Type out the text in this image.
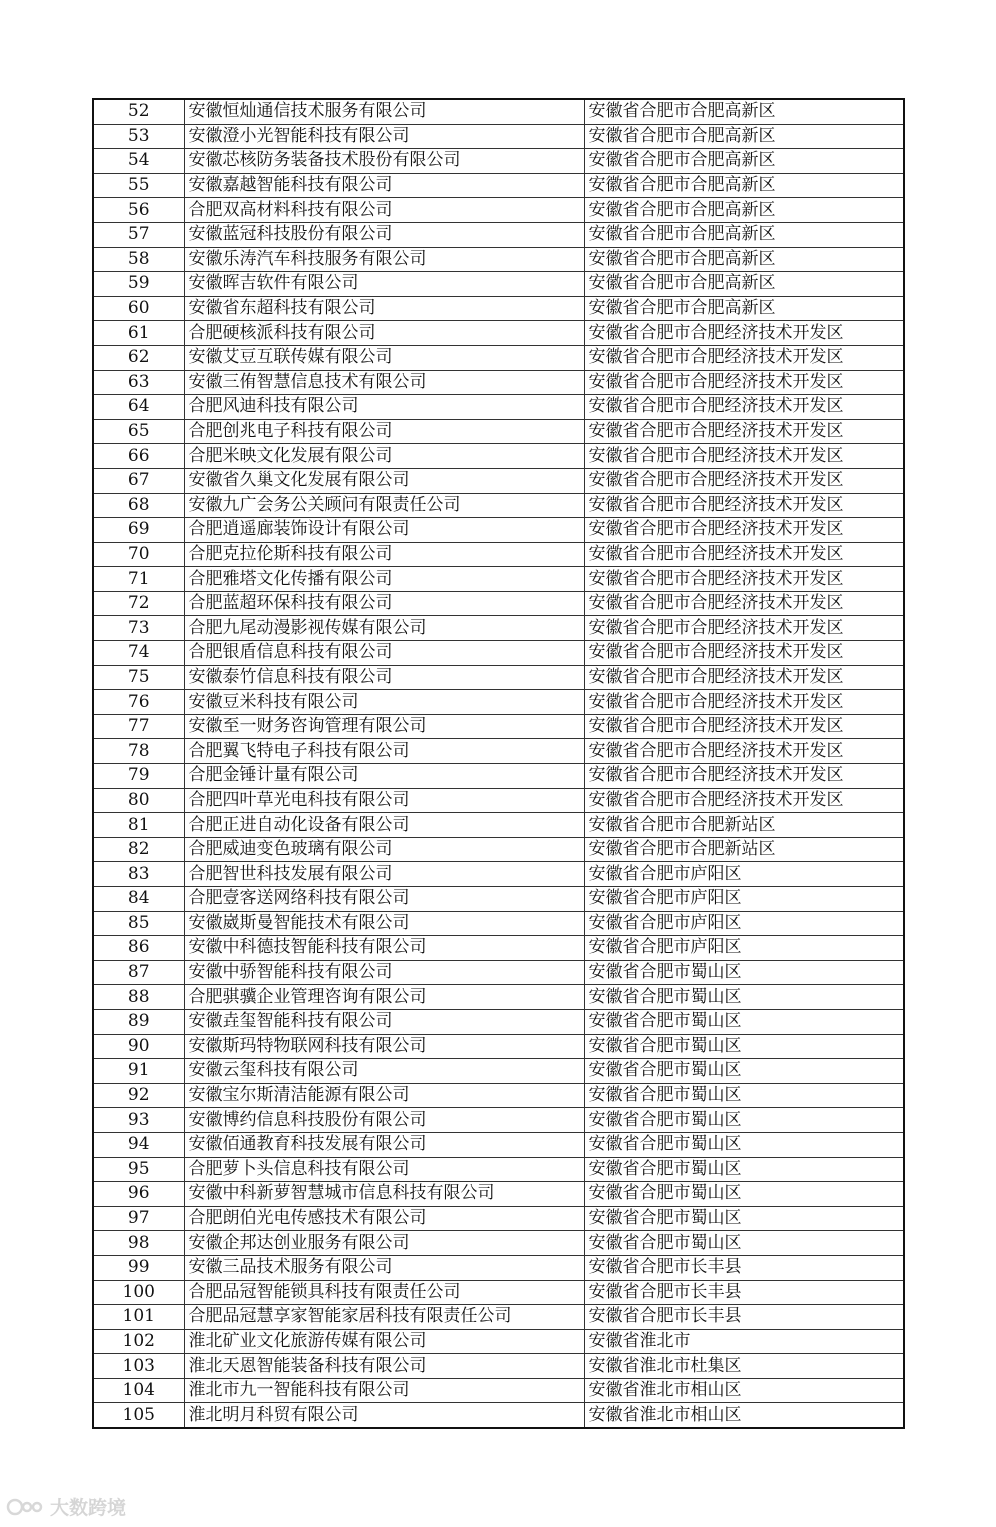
52	安徽恒灿通信技术服务有限公司	安徽省合肥市合肥高新区
53	安徽澄小光智能科技有限公司	安徽省合肥市合肥高新区
54	安徽芯核防务装备技术股份有限公司	安徽省合肥市合肥高新区
55	安徽嘉越智能科技有限公司	安徽省合肥市合肥高新区
56	合肥双高材料科技有限公司	安徽省合肥市合肥高新区
57	安徽蓝冠科技股份有限公司	安徽省合肥市合肥高新区
58	安徽乐涛汽车科技服务有限公司	安徽省合肥市合肥高新区
59	安徽晖吉软件有限公司	安徽省合肥市合肥高新区
60	安徽省东超科技有限公司	安徽省合肥市合肥高新区
61	合肥硬核派科技有限公司	安徽省合肥市合肥经济技术开发区
62	安徽艾豆互联传媒有限公司	安徽省合肥市合肥经济技术开发区
63	安徽三侑智慧信息技术有限公司	安徽省合肥市合肥经济技术开发区
64	合肥风迪科技有限公司	安徽省合肥市合肥经济技术开发区
65	合肥创兆电子科技有限公司	安徽省合肥市合肥经济技术开发区
66	合肥米映文化发展有限公司	安徽省合肥市合肥经济技术开发区
67	安徽省久巢文化发展有限公司	安徽省合肥市合肥经济技术开发区
68	安徽九广会务公关顾问有限责任公司	安徽省合肥市合肥经济技术开发区
69	合肥逍遥廊装饰设计有限公司	安徽省合肥市合肥经济技术开发区
70	合肥克拉伦斯科技有限公司	安徽省合肥市合肥经济技术开发区
71	合肥雅塔文化传播有限公司	安徽省合肥市合肥经济技术开发区
72	合肥蓝超环保科技有限公司	安徽省合肥市合肥经济技术开发区
73	合肥九尾动漫影视传媒有限公司	安徽省合肥市合肥经济技术开发区
74	合肥银盾信息科技有限公司	安徽省合肥市合肥经济技术开发区
75	安徽泰竹信息科技有限公司	安徽省合肥市合肥经济技术开发区
76	安徽豆米科技有限公司	安徽省合肥市合肥经济技术开发区
77	安徽至一财务咨询管理有限公司	安徽省合肥市合肥经济技术开发区
78	合肥翼飞特电子科技有限公司	安徽省合肥市合肥经济技术开发区
79	合肥金锤计量有限公司	安徽省合肥市合肥经济技术开发区
80	合肥四叶草光电科技有限公司	安徽省合肥市合肥经济技术开发区
81	合肥正进自动化设备有限公司	安徽省合肥市合肥新站区
82	合肥威迪变色玻璃有限公司	安徽省合肥市合肥新站区
83	合肥智世科技发展有限公司	安徽省合肥市庐阳区
84	合肥壹客送网络科技有限公司	安徽省合肥市庐阳区
85	安徽崴斯曼智能技术有限公司	安徽省合肥市庐阳区
86	安徽中科德技智能科技有限公司	安徽省合肥市庐阳区
87	安徽中骄智能科技有限公司	安徽省合肥市蜀山区
88	合肥骐骥企业管理咨询有限公司	安徽省合肥市蜀山区
89	安徽垚玺智能科技有限公司	安徽省合肥市蜀山区
90	安徽斯玛特物联网科技有限公司	安徽省合肥市蜀山区
91	安徽云玺科技有限公司	安徽省合肥市蜀山区
92	安徽宝尔斯清洁能源有限公司	安徽省合肥市蜀山区
93	安徽博约信息科技股份有限公司	安徽省合肥市蜀山区
94	安徽佰通教育科技发展有限公司	安徽省合肥市蜀山区
95	合肥萝卜头信息科技有限公司	安徽省合肥市蜀山区
96	安徽中科新萝智慧城市信息科技有限公司	安徽省合肥市蜀山区
97	合肥朗伯光电传感技术有限公司	安徽省合肥市蜀山区
98	安徽企邦达创业服务有限公司	安徽省合肥市蜀山区
99	安徽三品技术服务有限公司	安徽省合肥市长丰县
100	合肥品冠智能锁具科技有限责任公司	安徽省合肥市长丰县
101	合肥品冠慧享家智能家居科技有限责任公司	安徽省合肥市长丰县
102	淮北矿业文化旅游传媒有限公司	安徽省淮北市
103	淮北天恩智能装备科技有限公司	安徽省淮北市杜集区
104	淮北市九一智能科技有限公司	安徽省淮北市相山区
105	淮北明月科贸有限公司	安徽省淮北市相山区
大数跨境
